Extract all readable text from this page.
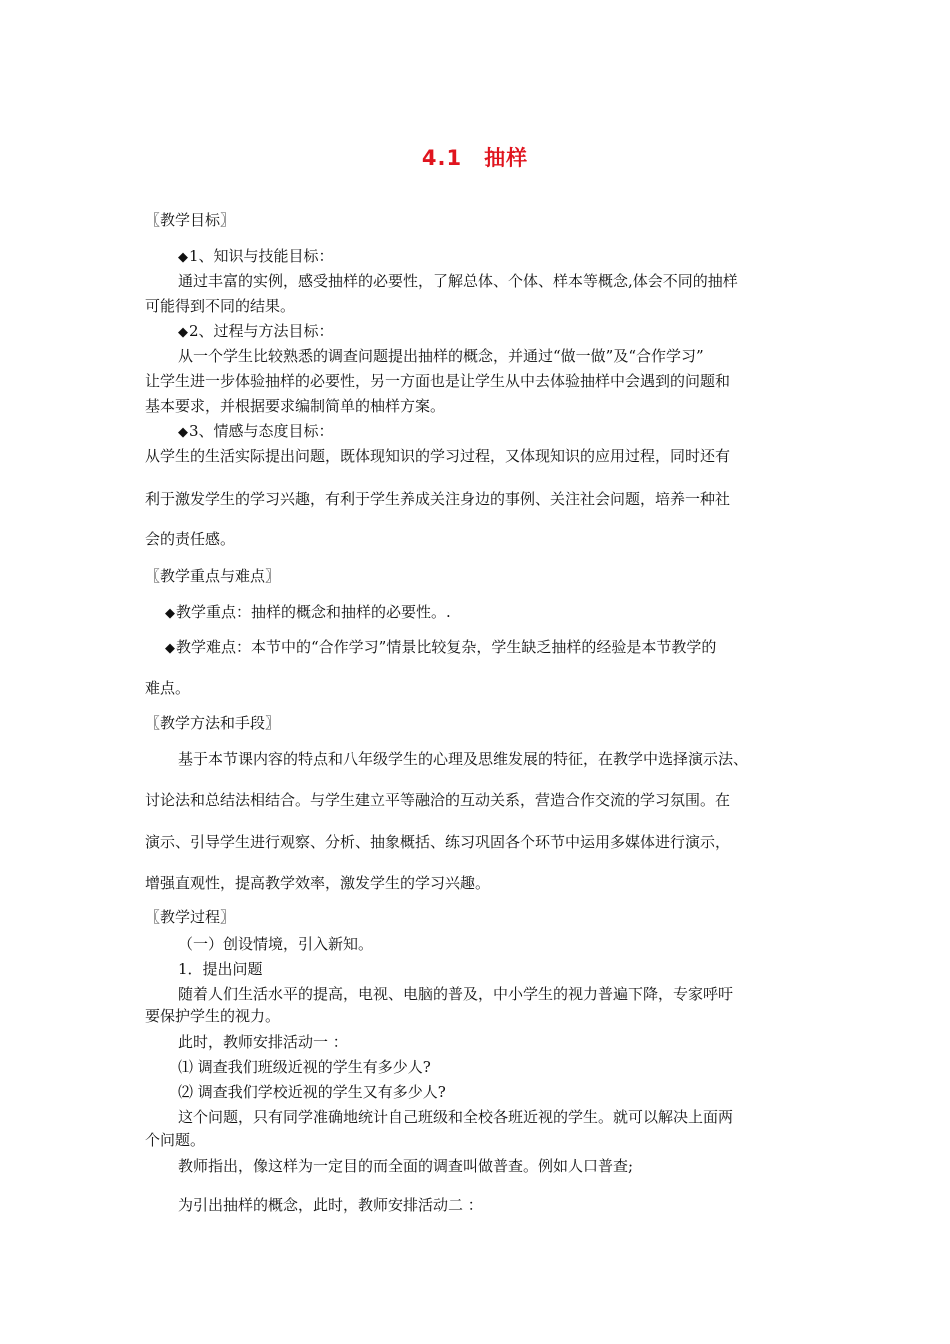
4.1　抽样
〖教学目标〗
◆1、知识与技能目标：
通过丰富的实例，感受抽样的必要性，了解总体、个体、样本等概念,体会不同的抽样
可能得到不同的结果。
◆2、过程与方法目标：
从一个学生比较熟悉的调查问题提出抽样的概念，并通过“做一做”及“合作学习”
让学生进一步体验抽样的必要性，另一方面也是让学生从中去体验抽样中会遇到的问题和
基本要求，并根据要求编制简单的柚样方案。
◆3、情感与态度目标：
从学生的生活实际提出问题，既体现知识的学习过程，又体现知识的应用过程，同时还有
利于激发学生的学习兴趣，有利于学生养成关注身边的事例、关注社会问题，培养一种社
会的责任感。
〖教学重点与难点〗
◆教学重点：抽样的概念和抽样的必要性。.
◆教学难点：本节中的“合作学习”情景比较复杂，学生缺乏抽样的经验是本节教学的
难点。
〖教学方法和手段〗
基于本节课内容的特点和八年级学生的心理及思维发展的特征，在教学中选择演示法、
讨论法和总结法相结合。与学生建立平等融洽的互动关系，营造合作交流的学习氛围。在
演示、引导学生进行观察、分析、抽象概括、练习巩固各个环节中运用多媒体进行演示，
增强直观性，提高教学效率，激发学生的学习兴趣。
〖教学过程〗
（一）创设情境，引入新知。
1．提出问题
随着人们生活水平的提高，电视、电脑的普及，中小学生的视力普遍下降，专家呼吁
要保护学生的视力。
此时，教师安排活动一 ：
⑴ 调查我们班级近视的学生有多少人?
⑵ 调查我们学校近视的学生又有多少人?
这个问题，只有同学准确地统计自己班级和全校各班近视的学生。就可以解决上面两
个问题。
教师指出，像这样为一定目的而全面的调查叫做普查。例如人口普查;
为引出抽样的概念，此时，教师安排活动二 ：
